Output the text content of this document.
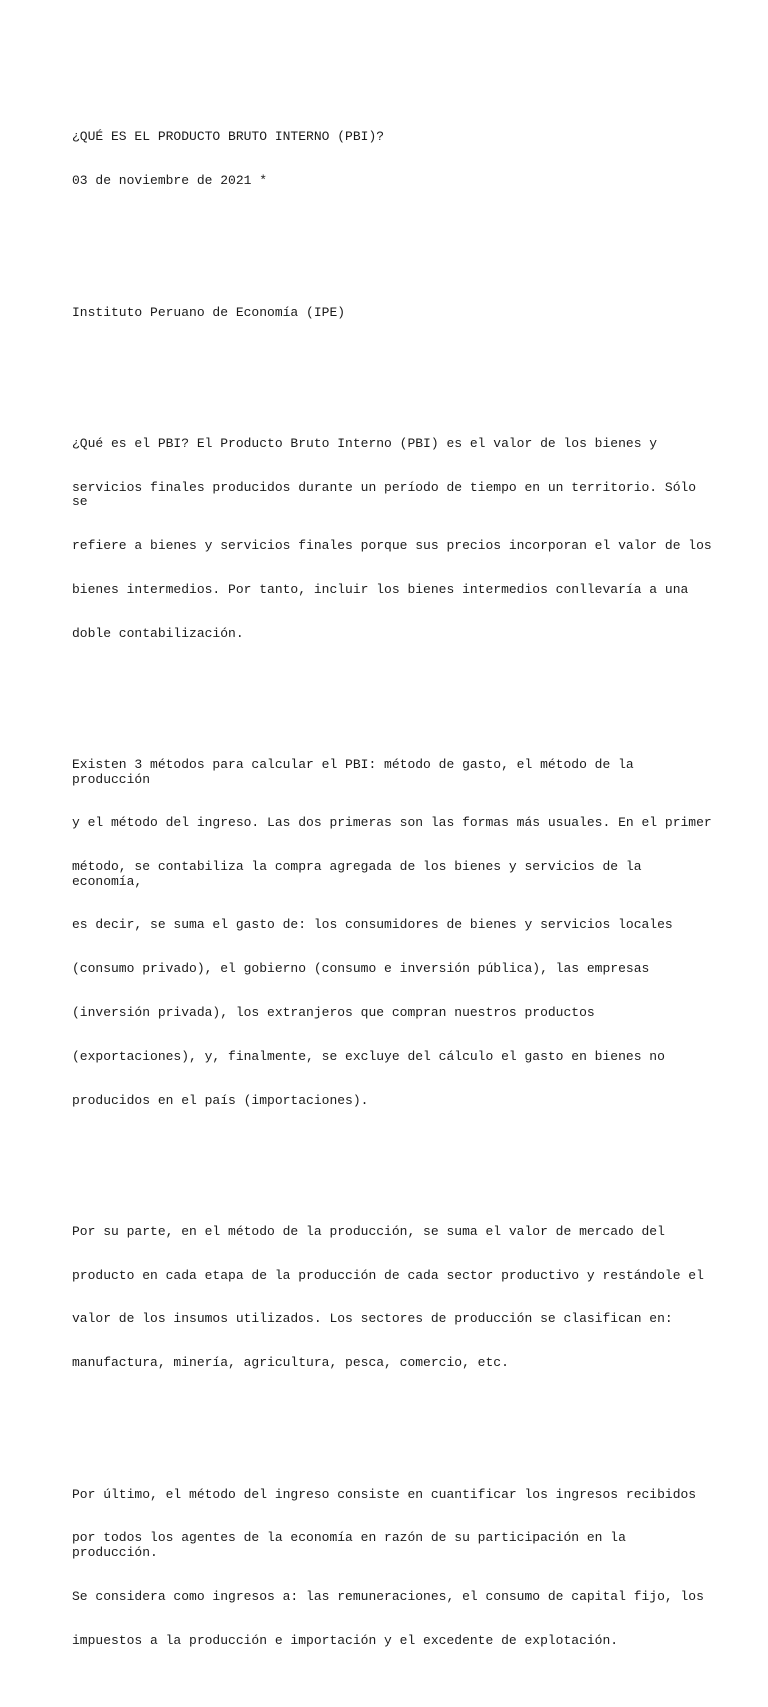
¿QUÉ ES EL PRODUCTO BRUTO INTERNO (PBI)?

03 de noviembre de 2021 *

Instituto Peruano de Economía (IPE)

¿Qué es el PBI? El Producto Bruto Interno (PBI) es el valor de los bienes y

servicios finales producidos durante un período de tiempo en un territorio. Sólo se

refiere a bienes y servicios finales porque sus precios incorporan el valor de los

bienes intermedios. Por tanto, incluir los bienes intermedios conllevaría a una

doble contabilización.

Existen 3 métodos para calcular el PBI: método de gasto, el método de la producción

y el método del ingreso. Las dos primeras son las formas más usuales. En el primer

método, se contabiliza la compra agregada de los bienes y servicios de la economía,

es decir, se suma el gasto de: los consumidores de bienes y servicios locales

(consumo privado), el gobierno (consumo e inversión pública), las empresas

(inversión privada), los extranjeros que compran nuestros productos

(exportaciones), y, finalmente, se excluye del cálculo el gasto en bienes no

producidos en el país (importaciones).

Por su parte, en el método de la producción, se suma el valor de mercado del

producto en cada etapa de la producción de cada sector productivo y restándole el

valor de los insumos utilizados. Los sectores de producción se clasifican en:

manufactura, minería, agricultura, pesca, comercio, etc.

Por último, el método del ingreso consiste en cuantificar los ingresos recibidos

por todos los agentes de la economía en razón de su participación en la producción.

Se considera como ingresos a: las remuneraciones, el consumo de capital fijo, los

impuestos a la producción e importación y el excedente de explotación.
